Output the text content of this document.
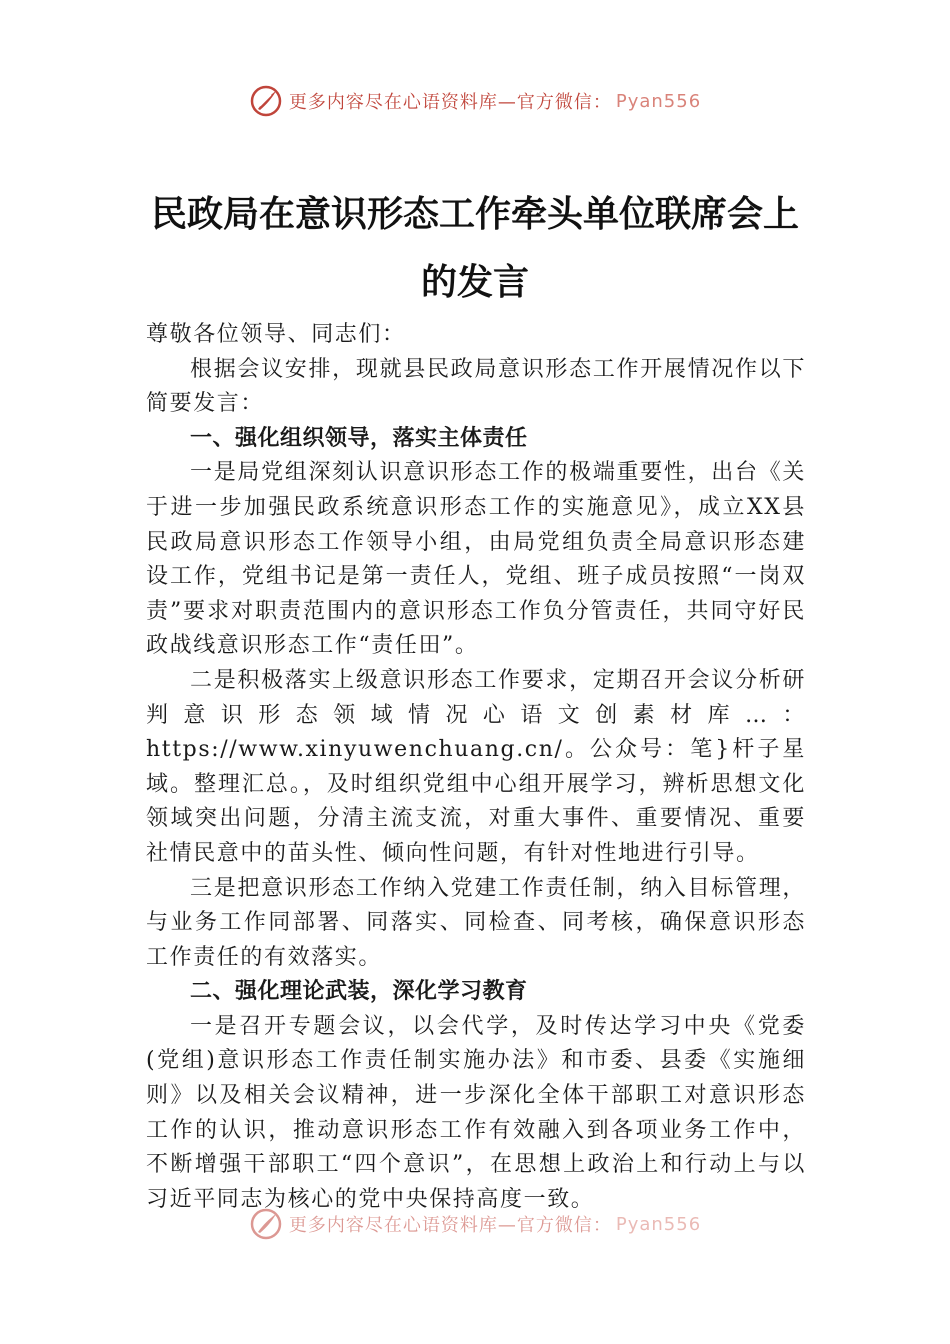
更多内容尽在心语资料库—官方微信： Pyan556
民政局在意识形态工作牵头单位联席会上
的发言

尊敬各位领导、同志们：

根据会议安排，现就县民政局意识形态工作开展情况作以下简要发言：

一、强化组织领导，落实主体责任

一是局党组深刻认识意识形态工作的极端重要性，出台《关于进一步加强民政系统意识形态工作的实施意见》，成立XX县民政局意识形态工作领导小组，由局党组负责全局意识形态建设工作，党组书记是第一责任人，党组、班子成员按照“一岗双责”要求对职责范围内的意识形态工作负分管责任，共同守好民政战线意识形态工作“责任田”。

二是积极落实上级意识形态工作要求，定期召开会议分析研判意识形态领域情况心语文创素材库…：https://www.xinyuwenchuang.cn/。公众号：笔}杆子星域。整理汇总。，及时组织党组中心组开展学习，辨析思想文化领域突出问题，分清主流支流，对重大事件、重要情况、重要社情民意中的苗头性、倾向性问题，有针对性地进行引导。

三是把意识形态工作纳入党建工作责任制，纳入目标管理，与业务工作同部署、同落实、同检查、同考核，确保意识形态工作责任的有效落实。

二、强化理论武装，深化学习教育

一是召开专题会议，以会代学，及时传达学习中央《党委(党组)意识形态工作责任制实施办法》和市委、县委《实施细则》以及相关会议精神，进一步深化全体干部职工对意识形态工作的认识，推动意识形态工作有效融入到各项业务工作中，不断增强干部职工“四个意识”，在思想上政治上和行动上与以习近平同志为核心的党中央保持高度一致。

更多内容尽在心语资料库—官方微信： Pyan556
